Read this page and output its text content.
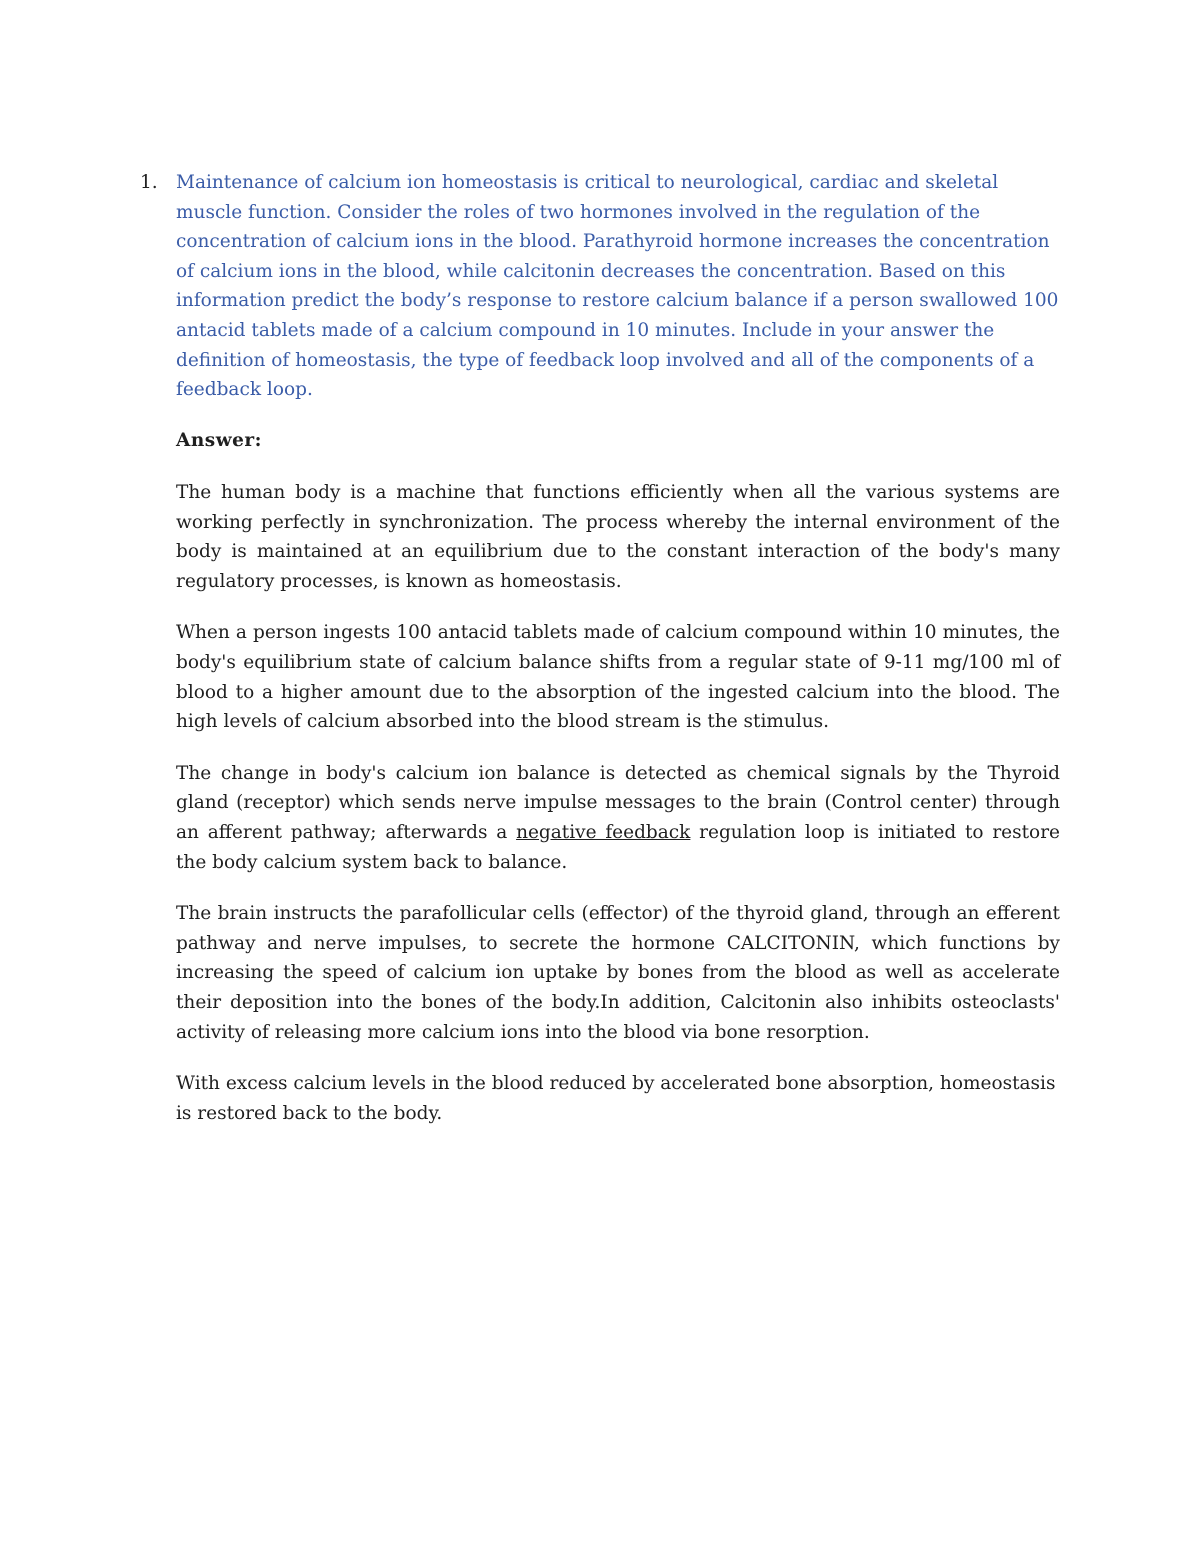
1. Maintenance of calcium ion homeostasis is critical to neurological, cardiac and skeletal muscle function. Consider the roles of two hormones involved in the regulation of the concentration of calcium ions in the blood. Parathyroid hormone increases the concentration of calcium ions in the blood, while calcitonin decreases the concentration. Based on this information predict the body’s response to restore calcium balance if a person swallowed 100 antacid tablets made of a calcium compound in 10 minutes. Include in your answer the definition of homeostasis, the type of feedback loop involved and all of the components of a feedback loop.

Answer:

The human body is a machine that functions efficiently when all the various systems are working perfectly in synchronization. The process whereby the internal environment of the body is maintained at an equilibrium due to the constant interaction of the body's many regulatory processes, is known as homeostasis.

When a person ingests 100 antacid tablets made of calcium compound within 10 minutes, the body's equilibrium state of calcium balance shifts from a regular state of 9-11 mg/100 ml of blood to a higher amount due to the absorption of the ingested calcium into the blood. The high levels of calcium absorbed into the blood stream is the stimulus.

The change in body's calcium ion balance is detected as chemical signals by the Thyroid gland (receptor) which sends nerve impulse messages to the brain (Control center) through an afferent pathway; afterwards a negative feedback regulation loop is initiated to restore the body calcium system back to balance.

The brain instructs the parafollicular cells (effector) of the thyroid gland, through an efferent pathway and nerve impulses, to secrete the hormone CALCITONIN, which functions by increasing the speed of calcium ion uptake by bones from the blood as well as accelerate their deposition into the bones of the body.In addition, Calcitonin also inhibits osteoclasts' activity of releasing more calcium ions into the blood via bone resorption.

With excess calcium levels in the blood reduced by accelerated bone absorption, homeostasis is restored back to the body.
